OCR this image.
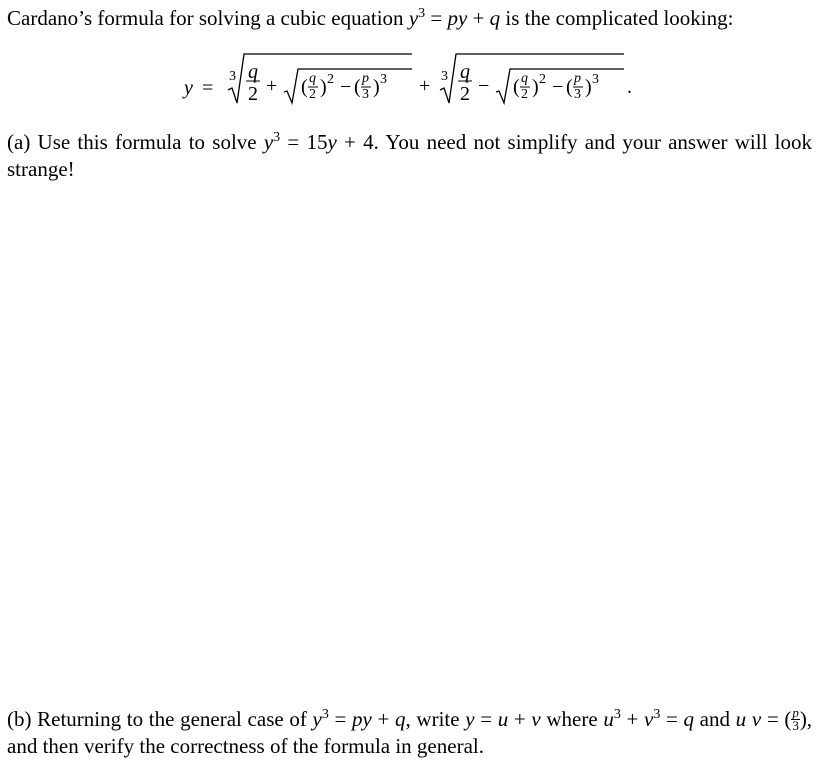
Cardano’s formula for solving a cubic equation $y^3$ = py + q is the complicated looking:

y =
3 q
2 + ( q
2 ) 2 − ( p
3 ) 3 + 3 q
2 − ( q
2 ) 2 − ( p
3 ) 3 .

(a) Use this formula to solve $y^3 = 15y + 4$. You need not simplify and your answer will look strange!

(b) Returning to the general case of $y^3$ = py + q, write y = u + v where $u^3 + v^3 = q$ and u v = ( $\frac{p}{3}$ ), and then verify the correctness of the formula in general.
